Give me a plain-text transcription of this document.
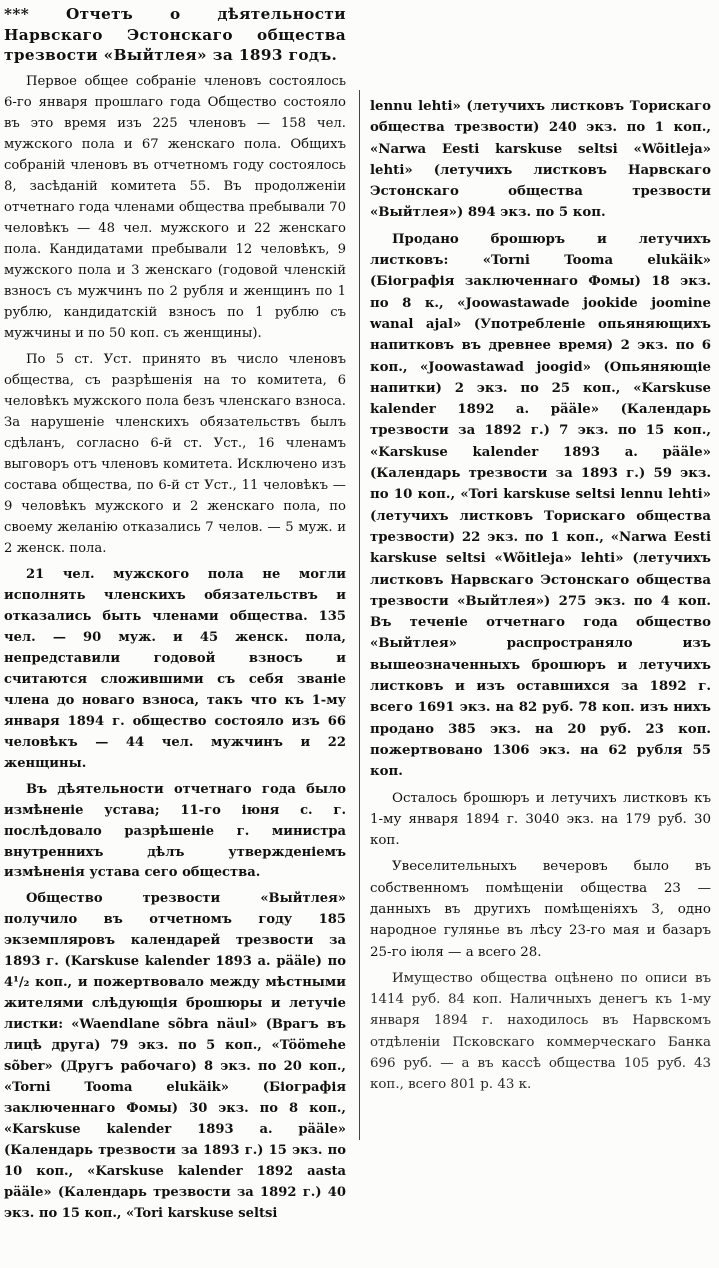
*** Отчетъ о дѣятельности Нарвскаго Эстонскаго общества трезвости «Выйтлея» за 1893 годъ.

Первое общее собраніе членовъ состоялось 6-го января прошлаго года Общество состояло въ это время изъ 225 членовъ — 158 чел. мужского пола и 67 женскаго пола. Общихъ собраній членовъ въ отчетномъ году состоялось 8, засѣданій комитета 55. Въ продолженіи отчетнаго года членами общества пребывали 70 человѣкъ — 48 чел. мужского и 22 женскаго пола. Кандидатами пребывали 12 человѣкъ, 9 мужского пола и 3 женскаго (годовой членскій взносъ съ мужчинъ по 2 рубля и женщинъ по 1 рублю, кандидатскій взносъ по 1 рублю съ мужчины и по 50 коп. съ женщины).

По 5 ст. Уст. принято въ число членовъ общества, съ разрѣшенія на то комитета, 6 человѣкъ мужского пола безъ членскаго взноса. За нарушеніе членскихъ обязательствъ былъ сдѣланъ, согласно 6-й ст. Уст., 16 членамъ выговоръ отъ членовъ комитета. Исключено изъ состава общества, по 6-й ст Уст., 11 человѣкъ — 9 человѣкъ мужского и 2 женскаго пола, по своему желанію отказались 7 челов. — 5 муж. и 2 женск. пола.

21 чел. мужского пола не могли исполнять членскихъ обязательствъ и отказались быть членами общества. 135 чел. — 90 муж. и 45 женск. пола, непредставили годовой взносъ и считаются сложившими съ себя званіе члена до новаго взноса, такъ что къ 1-му января 1894 г. общество состояло изъ 66 человѣкъ — 44 чел. мужчинъ и 22 женщины.

Въ дѣятельности отчетнаго года было измѣненіе устава; 11-го іюня с. г. послѣдовало разрѣшеніе г. министра внутреннихъ дѣлъ утвержденіемъ измѣненія устава сего общества.

Общество трезвости «Выйтлея» получило въ отчетномъ году 185 экземпляровъ календарей трезвости за 1893 г. (Karskuse kalender 1893 a. pääle) по 4¹/₂ коп., и пожертвовало между мѣстными жителями слѣдующія брошюры и летучіе листки: «Waendlane sõbra näul» (Врагъ въ лицѣ друга) 79 экз. по 5 коп., «Töömehe sõber» (Другъ рабочаго) 8 экз. по 20 коп., «Torni Tooma elukäik» (Біографія заключеннаго Фомы) 30 экз. по 8 коп., «Karskuse kalender 1893 a. pääle» (Календарь трезвости за 1893 г.) 15 экз. по 10 коп., «Karskuse kalender 1892 aasta pääle» (Календарь трезвости за 1892 г.) 40 экз. по 15 коп., «Tori karskuse seltsi

lennu lehti» (летучихъ листковъ Торискаго общества трезвости) 240 экз. по 1 коп., «Narwa Eesti karskuse seltsi «Wõitleja» lehti» (летучихъ листковъ Нарвскаго Эстонскаго общества трезвости «Выйтлея») 894 экз. по 5 коп.

Продано брошюръ и летучихъ листковъ: «Torni Tooma elukäik» (Біографія заключеннаго Фомы) 18 экз. по 8 к., «Joowastawade jookide joomine wanal ajal» (Употребленіе опьяняющихъ напитковъ въ древнее время) 2 экз. по 6 коп., «Joowastawad joogid» (Опьяняющіе напитки) 2 экз. по 25 коп., «Karskuse kalender 1892 a. pääle» (Календарь трезвости за 1892 г.) 7 экз. по 15 коп., «Karskuse kalender 1893 a. pääle» (Календарь трезвости за 1893 г.) 59 экз. по 10 коп., «Tori karskuse seltsi lennu lehti» (летучихъ листковъ Торискаго общества трезвости) 22 экз. по 1 коп., «Narwa Eesti karskuse seltsi «Wõitleja» lehti» (летучихъ листковъ Нарвскаго Эстонскаго общества трезвости «Выйтлея») 275 экз. по 4 коп. Въ теченіе отчетнаго года общество «Выйтлея» распространяло изъ вышеозначенныхъ брошюръ и летучихъ листковъ и изъ оставшихся за 1892 г. всего 1691 экз. на 82 руб. 78 коп. изъ нихъ продано 385 экз. на 20 руб. 23 коп. пожертвовано 1306 экз. на 62 рубля 55 коп.

Осталось брошюръ и летучихъ листковъ къ 1-му января 1894 г. 3040 экз. на 179 руб. 30 коп.

Увеселительныхъ вечеровъ было въ собственномъ помѣщеніи общества 23 — данныхъ въ другихъ помѣщеніяхъ 3, одно народное гулянье въ лѣсу 23-го мая и базаръ 25-го іюля — а всего 28.

Имущество общества оцѣнено по описи въ 1414 руб. 84 коп. Наличныхъ денегъ къ 1-му января 1894 г. находилось въ Нарвскомъ отдѣленіи Псковскаго коммерческаго Банка 696 руб. — а въ кассѣ общества 105 руб. 43 коп., всего 801 р. 43 к.
